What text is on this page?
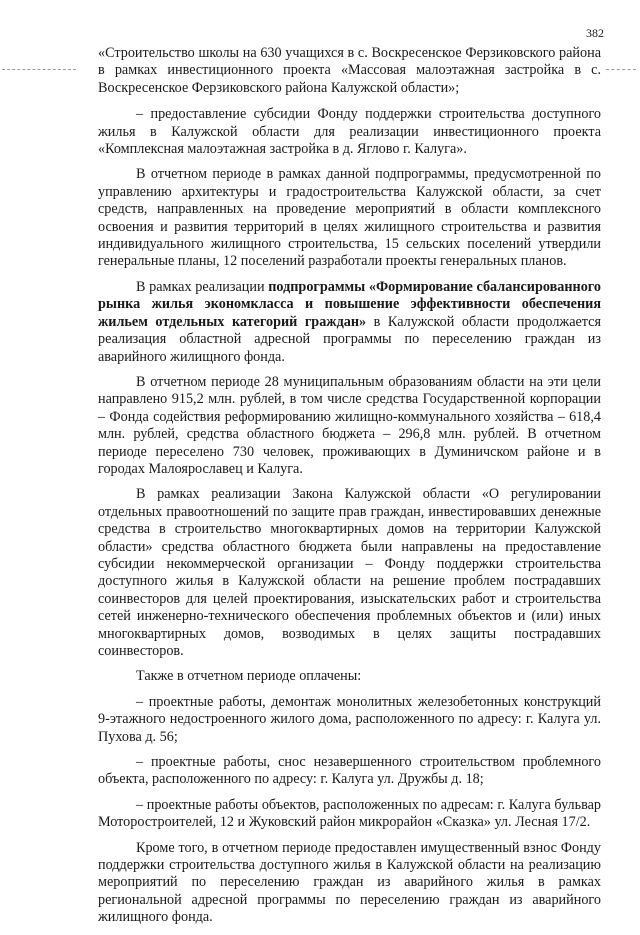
382

«Строительство школы на 630 учащихся в с. Воскресенское Ферзиковского района в рамках инвестиционного проекта «Массовая малоэтажная застройка в с. Воскресенское Ферзиковского района Калужской области»;

– предоставление субсидии Фонду поддержки строительства доступного жилья в Калужской области для реализации инвестиционного проекта «Комплексная малоэтажная застройка в д. Яглово г. Калуга».

В отчетном периоде в рамках данной подпрограммы, предусмотренной по управлению архитектуры и градостроительства Калужской области, за счет средств, направленных на проведение мероприятий в области комплексного освоения и развития территорий в целях жилищного строительства и развития индивидуального жилищного строительства, 15 сельских поселений утвердили генеральные планы, 12 поселений разработали проекты генеральных планов.

В рамках реализации подпрограммы «Формирование сбалансированного рынка жилья экономкласса и повышение эффективности обеспечения жильем отдельных категорий граждан» в Калужской области продолжается реализация областной адресной программы по переселению граждан из аварийного жилищного фонда.

В отчетном периоде 28 муниципальным образованиям области на эти цели направлено 915,2 млн. рублей, в том числе средства Государственной корпорации – Фонда содействия реформированию жилищно-коммунального хозяйства – 618,4 млн. рублей, средства областного бюджета – 296,8 млн. рублей. В отчетном периоде переселено 730 человек, проживающих в Думиничском районе и в городах Малоярославец и Калуга.

В рамках реализации Закона Калужской области «О регулировании отдельных правоотношений по защите прав граждан, инвестировавших денежные средства в строительство многоквартирных домов на территории Калужской области» средства областного бюджета были направлены на предоставление субсидии некоммерческой организации – Фонду поддержки строительства доступного жилья в Калужской области на решение проблем пострадавших соинвесторов для целей проектирования, изыскательских работ и строительства сетей инженерно-технического обеспечения проблемных объектов и (или) иных многоквартирных домов, возводимых в целях защиты пострадавших соинвесторов.

Также в отчетном периоде оплачены:

– проектные работы, демонтаж монолитных железобетонных конструкций 9-этажного недостроенного жилого дома, расположенного по адресу: г. Калуга ул. Пухова д. 56;

– проектные работы, снос незавершенного строительством проблемного объекта, расположенного по адресу: г. Калуга ул. Дружбы д. 18;

– проектные работы объектов, расположенных по адресам: г. Калуга бульвар Моторостроителей, 12 и Жуковский район микрорайон «Сказка» ул. Лесная 17/2.

Кроме того, в отчетном периоде предоставлен имущественный взнос Фонду поддержки строительства доступного жилья в Калужской области на реализацию мероприятий по переселению граждан из аварийного жилья в рамках региональной адресной программы по переселению граждан из аварийного жилищного фонда.
